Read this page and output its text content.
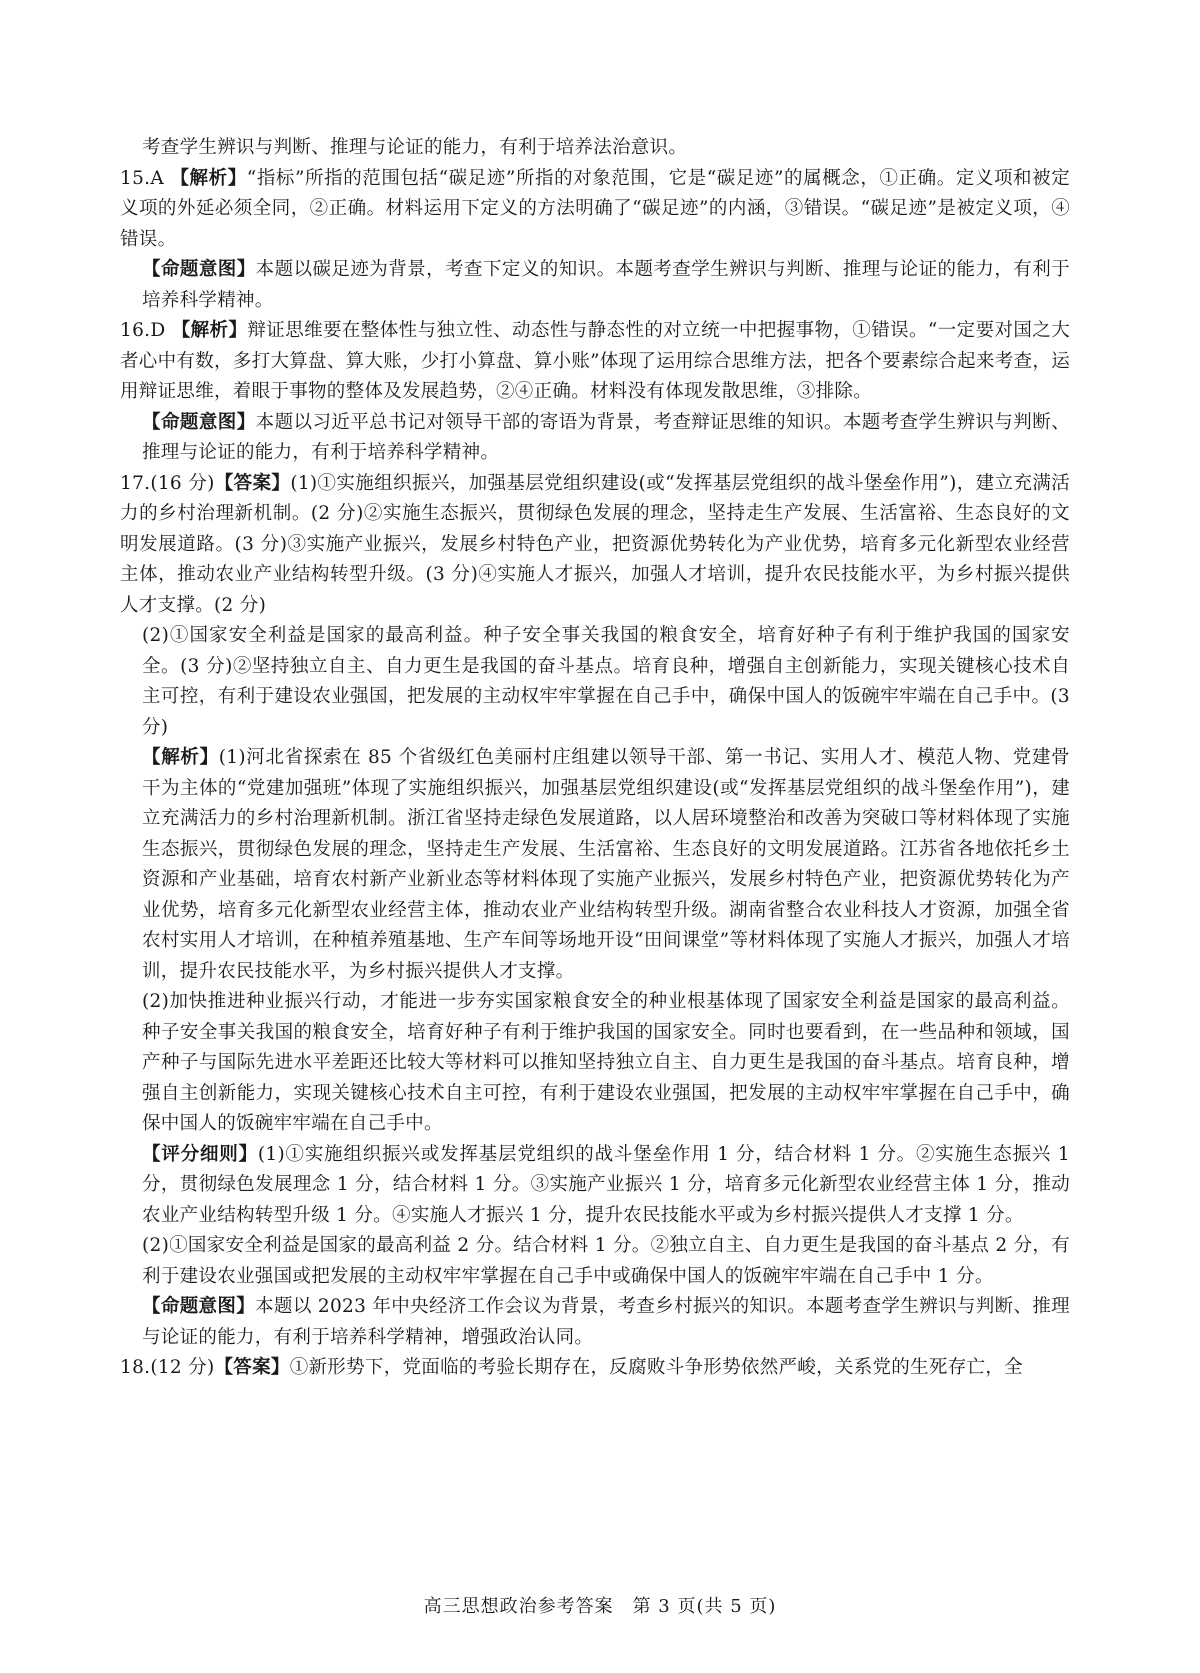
考查学生辨识与判断、推理与论证的能力，有利于培养法治意识。

15.A 【解析】“指标”所指的范围包括“碳足迹”所指的对象范围，它是“碳足迹”的属概念，①正确。定义项和被定义项的外延必须全同，②正确。材料运用下定义的方法明确了“碳足迹”的内涵，③错误。“碳足迹”是被定义项，④错误。

【命题意图】本题以碳足迹为背景，考查下定义的知识。本题考查学生辨识与判断、推理与论证的能力，有利于培养科学精神。

16.D 【解析】辩证思维要在整体性与独立性、动态性与静态性的对立统一中把握事物，①错误。“一定要对国之大者心中有数，多打大算盘、算大账，少打小算盘、算小账”体现了运用综合思维方法，把各个要素综合起来考查，运用辩证思维，着眼于事物的整体及发展趋势，②④正确。材料没有体现发散思维，③排除。

【命题意图】本题以习近平总书记对领导干部的寄语为背景，考查辩证思维的知识。本题考查学生辨识与判断、推理与论证的能力，有利于培养科学精神。

17.(16 分)【答案】(1)①实施组织振兴，加强基层党组织建设(或“发挥基层党组织的战斗堡垒作用”)，建立充满活力的乡村治理新机制。(2 分)②实施生态振兴，贯彻绿色发展的理念，坚持走生产发展、生活富裕、生态良好的文明发展道路。(3 分)③实施产业振兴，发展乡村特色产业，把资源优势转化为产业优势，培育多元化新型农业经营主体，推动农业产业结构转型升级。(3 分)④实施人才振兴，加强人才培训，提升农民技能水平，为乡村振兴提供人才支撑。(2 分)

(2)①国家安全利益是国家的最高利益。种子安全事关我国的粮食安全，培育好种子有利于维护我国的国家安全。(3 分)②坚持独立自主、自力更生是我国的奋斗基点。培育良种，增强自主创新能力，实现关键核心技术自主可控，有利于建设农业强国，把发展的主动权牢牢掌握在自己手中，确保中国人的饭碗牢牢端在自己手中。(3 分)

【解析】(1)河北省探索在 85 个省级红色美丽村庄组建以领导干部、第一书记、实用人才、模范人物、党建骨干为主体的“党建加强班”体现了实施组织振兴，加强基层党组织建设(或“发挥基层党组织的战斗堡垒作用”)，建立充满活力的乡村治理新机制。浙江省坚持走绿色发展道路，以人居环境整治和改善为突破口等材料体现了实施生态振兴，贯彻绿色发展的理念，坚持走生产发展、生活富裕、生态良好的文明发展道路。江苏省各地依托乡土资源和产业基础，培育农村新产业新业态等材料体现了实施产业振兴，发展乡村特色产业，把资源优势转化为产业优势，培育多元化新型农业经营主体，推动农业产业结构转型升级。湖南省整合农业科技人才资源，加强全省农村实用人才培训，在种植养殖基地、生产车间等场地开设“田间课堂”等材料体现了实施人才振兴，加强人才培训，提升农民技能水平，为乡村振兴提供人才支撑。

(2)加快推进种业振兴行动，才能进一步夯实国家粮食安全的种业根基体现了国家安全利益是国家的最高利益。种子安全事关我国的粮食安全，培育好种子有利于维护我国的国家安全。同时也要看到，在一些品种和领域，国产种子与国际先进水平差距还比较大等材料可以推知坚持独立自主、自力更生是我国的奋斗基点。培育良种，增强自主创新能力，实现关键核心技术自主可控，有利于建设农业强国，把发展的主动权牢牢掌握在自己手中，确保中国人的饭碗牢牢端在自己手中。

【评分细则】(1)①实施组织振兴或发挥基层党组织的战斗堡垒作用 1 分，结合材料 1 分。②实施生态振兴 1 分，贯彻绿色发展理念 1 分，结合材料 1 分。③实施产业振兴 1 分，培育多元化新型农业经营主体 1 分，推动农业产业结构转型升级 1 分。④实施人才振兴 1 分，提升农民技能水平或为乡村振兴提供人才支撑 1 分。

(2)①国家安全利益是国家的最高利益 2 分。结合材料 1 分。②独立自主、自力更生是我国的奋斗基点 2 分，有利于建设农业强国或把发展的主动权牢牢掌握在自己手中或确保中国人的饭碗牢牢端在自己手中 1 分。

【命题意图】本题以 2023 年中央经济工作会议为背景，考查乡村振兴的知识。本题考查学生辨识与判断、推理与论证的能力，有利于培养科学精神，增强政治认同。

18.(12 分)【答案】①新形势下，党面临的考验长期存在，反腐败斗争形势依然严峻，关系党的生死存亡，全

高三思想政治参考答案　第 3 页(共 5 页)
